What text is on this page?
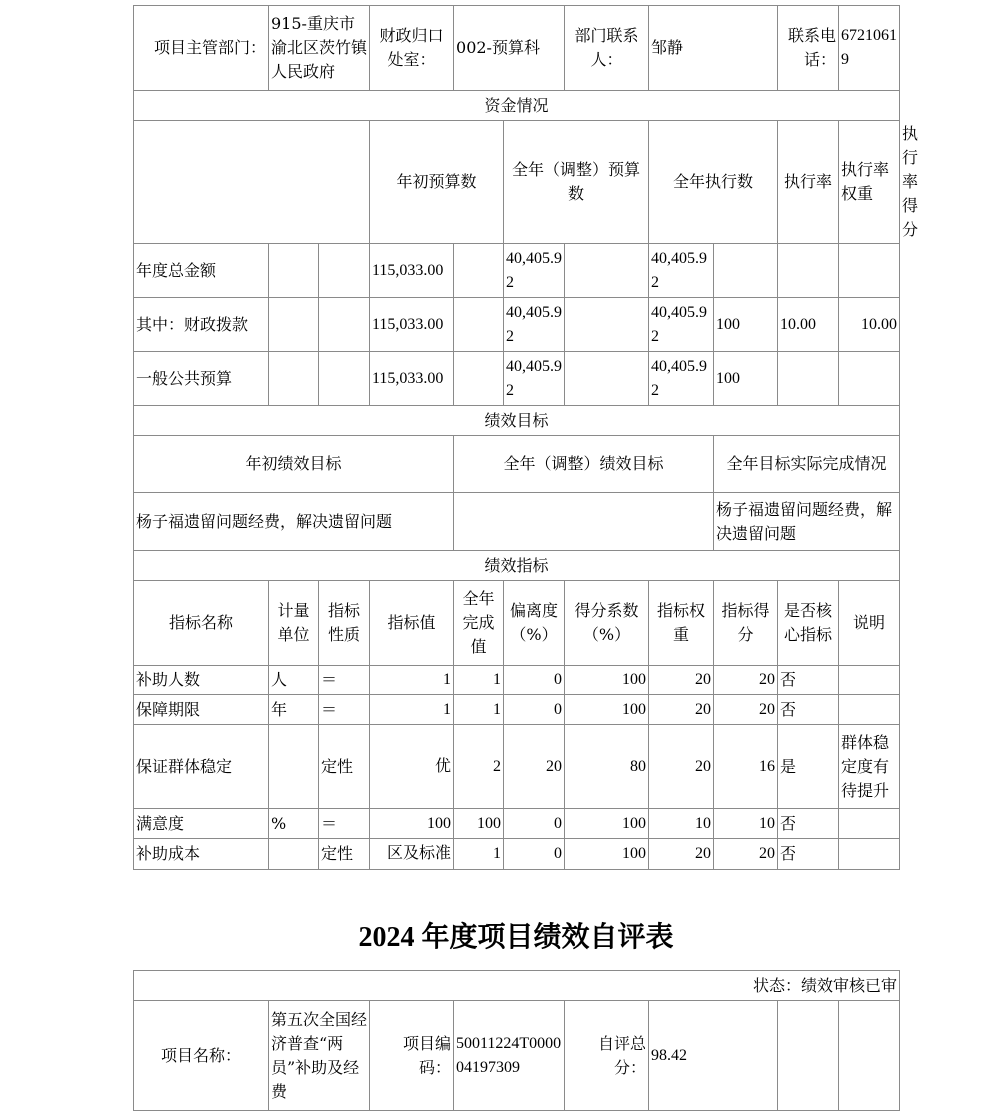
项目主管部门：	915-重庆市渝北区茨竹镇人民政府		财政归口处室：	002-预算科		部门联系人：	邹静		联系电话：	67210619	
资金情况											
			年初预算数		全年（调整）预算数		全年执行数		执行率	执行率权重	执行率得分
年度总金额			115,033.00		40,405.92		40,405.92				
其中：财政拨款			115,033.00		40,405.92		40,405.92	100	10.00	10.00	
一般公共预算			115,033.00		40,405.92		40,405.92	100			
绩效目标											
年初绩效目标				全年（调整）绩效目标				全年目标实际完成情况			
杨子福遗留问题经费，解决遗留问题								杨子福遗留问题经费，解决遗留问题			
绩效指标											
指标名称	计量单位	指标性质	指标值	全年完成值	偏离度（%）	得分系数（%）	指标权重	指标得分	是否核心指标	说明	
补助人数	人	＝	1	1	0	100	20	20	否		
保障期限	年	＝	1	1	0	100	20	20	否		
保证群体稳定		定性	优	2	20	80	20	16	是	群体稳定度有待提升	
满意度	%	＝	100	100	0	100	10	10	否		
补助成本		定性	区及标准	1	0	100	20	20	否		
2024 年度项目绩效自评表
状态：绩效审核已审
项目名称：	第五次全国经济普查“两员”补助及经费	项目编码：	50011224T000004197309	自评总分：	98.42		
